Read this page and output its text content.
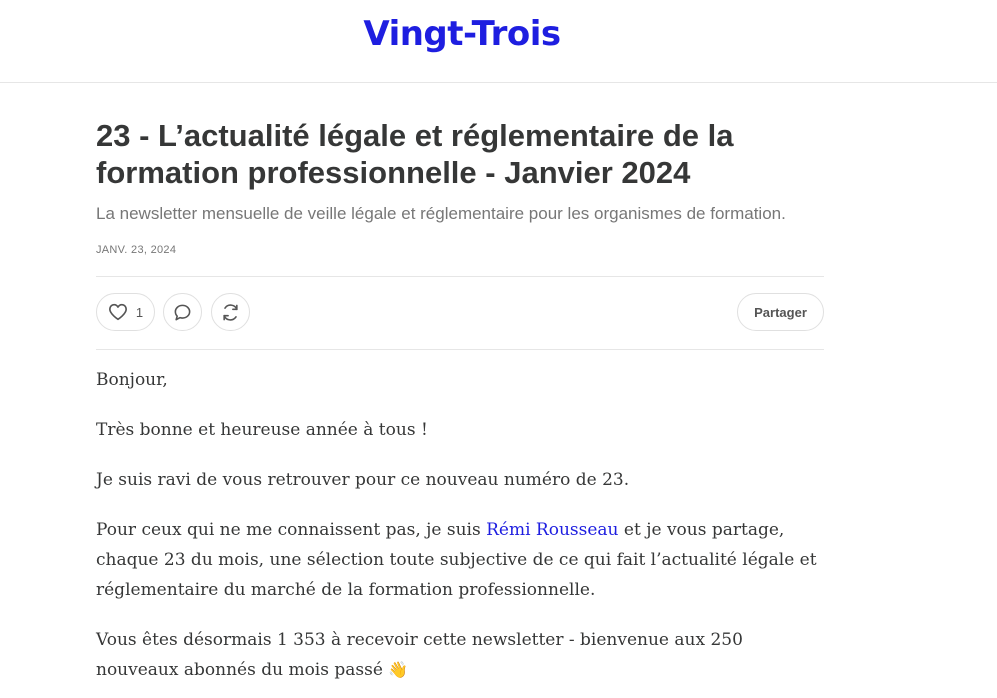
Vingt-Trois
23 - L’actualité légale et réglementaire de la formation professionnelle - Janvier 2024
La newsletter mensuelle de veille légale et réglementaire pour les organismes de formation.
JANV. 23, 2024
1	Partager

Bonjour,

Très bonne et heureuse année à tous !

Je suis ravi de vous retrouver pour ce nouveau numéro de 23.

Pour ceux qui ne me connaissent pas, je suis Rémi Rousseau et je vous partage, chaque 23 du mois, une sélection toute subjective de ce qui fait l’actualité légale et réglementaire du marché de la formation professionnelle.

Vous êtes désormais 1 353 à recevoir cette newsletter - bienvenue aux 250 nouveaux abonnés du mois passé 👋
